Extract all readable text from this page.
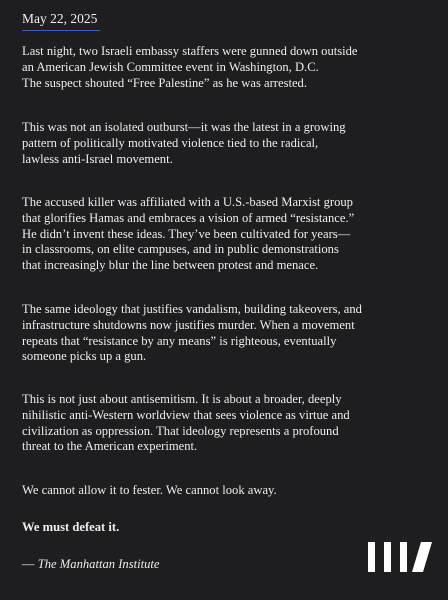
May 22, 2025

Last night, two Israeli embassy staffers were gunned down outside
an American Jewish Committee event in Washington, D.C.
The suspect shouted “Free Palestine” as he was arrested.

This was not an isolated outburst—it was the latest in a growing
pattern of politically motivated violence tied to the radical,
lawless anti-Israel movement.

The accused killer was affiliated with a U.S.-based Marxist group
that glorifies Hamas and embraces a vision of armed “resistance.”
He didn’t invent these ideas. They’ve been cultivated for years—
in classrooms, on elite campuses, and in public demonstrations
that increasingly blur the line between protest and menace.

The same ideology that justifies vandalism, building takeovers, and
infrastructure shutdowns now justifies murder. When a movement
repeats that “resistance by any means” is righteous, eventually
someone picks up a gun.

This is not just about antisemitism. It is about a broader, deeply
nihilistic anti-Western worldview that sees violence as virtue and
civilization as oppression. That ideology represents a profound
threat to the American experiment.

We cannot allow it to fester. We cannot look away.

We must defeat it.

— The Manhattan Institute
